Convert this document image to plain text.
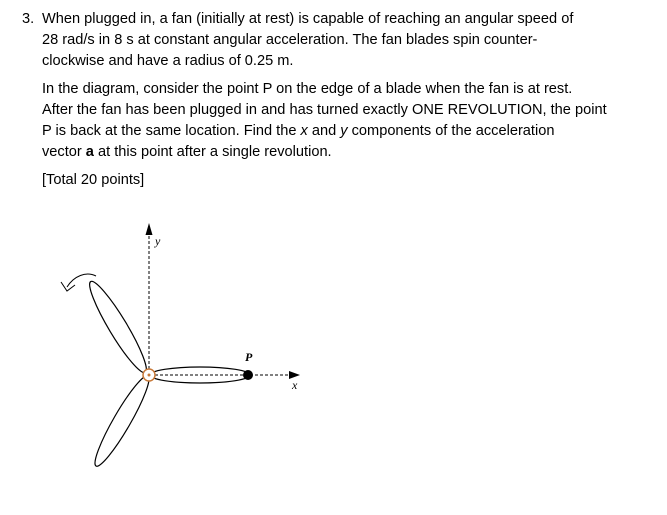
3. When plugged in, a fan (initially at rest) is capable of reaching an angular speed of
28 rad/s in 8 s at constant angular acceleration. The fan blades spin counter-
clockwise and have a radius of 0.25 m.
In the diagram, consider the point P on the edge of a blade when the fan is at rest.
After the fan has been plugged in and has turned exactly ONE REVOLUTION, the point
P is back at the same location. Find the x and y components of the acceleration
vector a at this point after a single revolution.
[Total 20 points]
y
x
P
